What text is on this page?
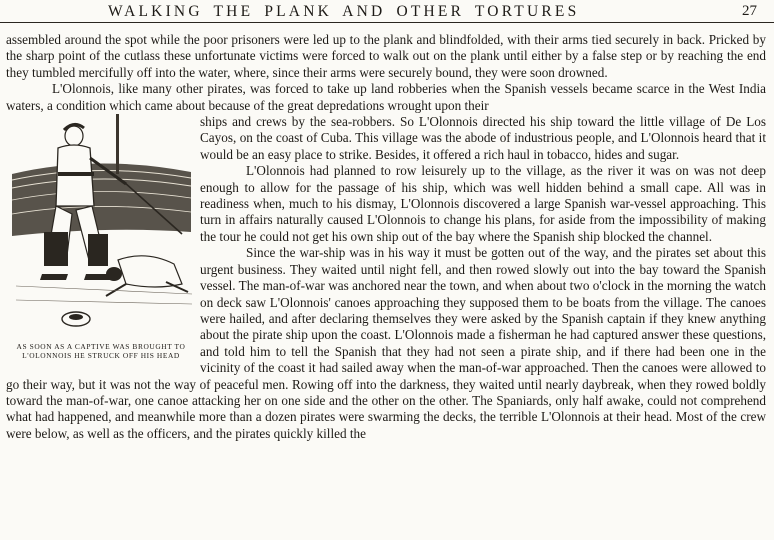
WALKING THE PLANK AND OTHER TORTURES	27

assembled around the spot while the poor prisoners were led up to the plank and blindfolded, with their arms tied securely in back. Pricked by the sharp point of the cutlass these unfortunate victims were forced to walk out on the plank until either by a false step or by reaching the end they tumbled mercifully off into the water, where, since their arms were securely bound, they were soon drowned.

L'Olonnois, like many other pirates, was forced to take up land robberies when the Spanish vessels became scarce in the West India waters, a condition which came about because of the great depredations wrought upon their

AS SOON AS A CAPTIVE WAS BROUGHT TO
L'OLONNOIS HE STRUCK OFF HIS HEAD

ships and crews by the sea-robbers. So L'Olonnois directed his ship toward the little village of De Los Cayos, on the coast of Cuba. This village was the abode of industrious people, and L'Olonnois heard that it would be an easy place to strike. Besides, it offered a rich haul in tobacco, hides and sugar.

L'Olonnois had planned to row leisurely up to the village, as the river it was on was not deep enough to allow for the passage of his ship, which was well hidden behind a small cape. All was in readiness when, much to his dismay, L'Olonnois discovered a large Spanish war-vessel approaching. This turn in affairs naturally caused L'Olonnois to change his plans, for aside from the impossibility of making the tour he could not get his own ship out of the bay where the Spanish ship blocked the channel.

Since the war-ship was in his way it must be gotten out of the way, and the pirates set about this urgent business. They waited until night fell, and then rowed slowly out into the bay toward the Spanish vessel. The man-of-war was anchored near the town, and when about two o'clock in the morning the watch on deck saw L'Olonnois' canoes approaching they supposed them to be boats from the village. The canoes were hailed, and after declaring themselves they were asked by the Spanish captain if they knew anything about the pirate ship upon the coast. L'Olonnois made a fisherman he had captured answer these questions, and told him to tell the Spanish that they had not seen a pirate ship, and if there had been one in the vicinity of the coast it had sailed away when the man-of-war approached. Then the canoes were allowed to go their way, but it was not the way of peaceful men. Rowing off into the darkness, they waited until nearly daybreak, when they rowed boldly toward the man-of-war, one canoe attacking her on one side and the other on the other. The Spaniards, only half awake, could not comprehend what had happened, and meanwhile more than a dozen pirates were swarming the decks, the terrible L'Olonnois at their head. Most of the crew were below, as well as the officers, and the pirates quickly killed the
